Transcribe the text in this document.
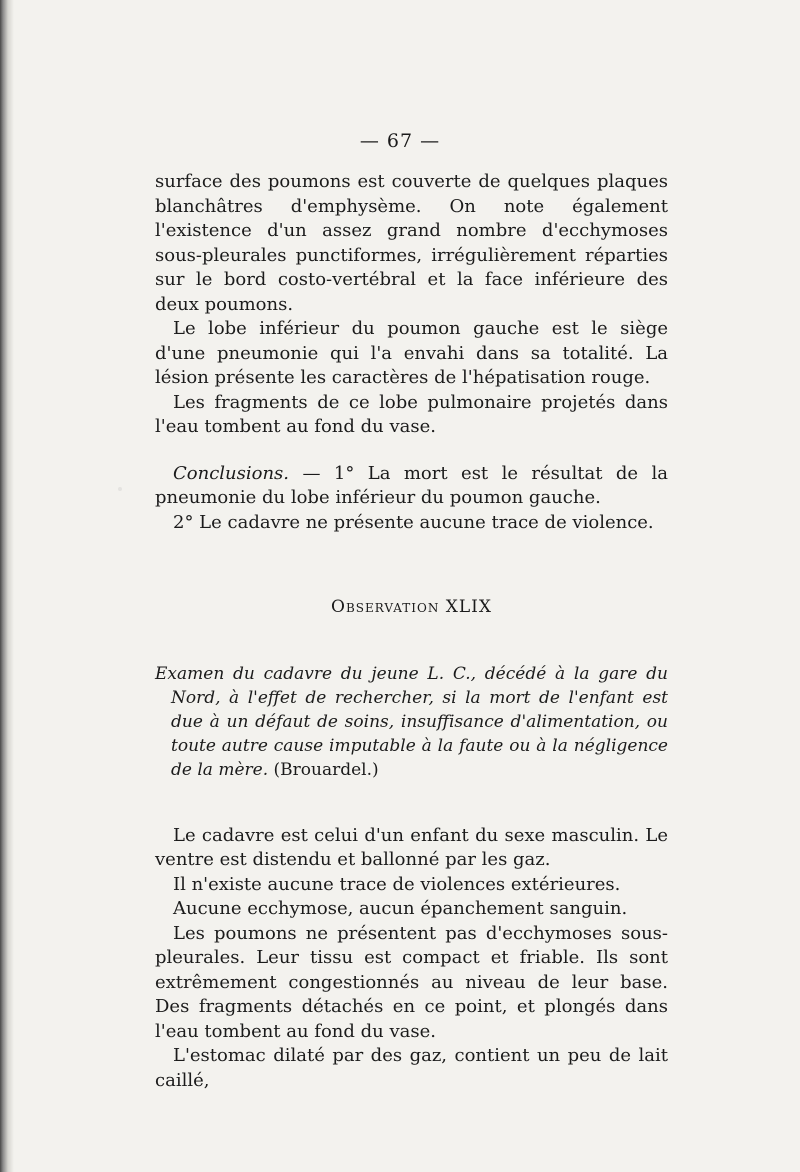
— 67 —

surface des poumons est couverte de quelques plaques blanchâtres d'emphysème. On note également l'existence d'un assez grand nombre d'ecchymoses sous-pleurales punctiformes, irrégulièrement réparties sur le bord costo-vertébral et la face inférieure des deux poumons.

Le lobe inférieur du poumon gauche est le siège d'une pneumonie qui l'a envahi dans sa totalité. La lésion présente les caractères de l'hépatisation rouge.

Les fragments de ce lobe pulmonaire projetés dans l'eau tombent au fond du vase.

Conclusions. — 1° La mort est le résultat de la pneumonie du lobe inférieur du poumon gauche.

2° Le cadavre ne présente aucune trace de violence.

Observation XLIX

Examen du cadavre du jeune L. C., décédé à la gare du Nord, à l'effet de rechercher, si la mort de l'enfant est due à un défaut de soins, insuffisance d'alimentation, ou toute autre cause imputable à la faute ou à la négligence de la mère. (Brouardel.)

Le cadavre est celui d'un enfant du sexe masculin. Le ventre est distendu et ballonné par les gaz.

Il n'existe aucune trace de violences extérieures.

Aucune ecchymose, aucun épanchement sanguin.

Les poumons ne présentent pas d'ecchymoses sous-pleurales. Leur tissu est compact et friable. Ils sont extrêmement congestionnés au niveau de leur base. Des fragments détachés en ce point, et plongés dans l'eau tombent au fond du vase.

L'estomac dilaté par des gaz, contient un peu de lait caillé,
